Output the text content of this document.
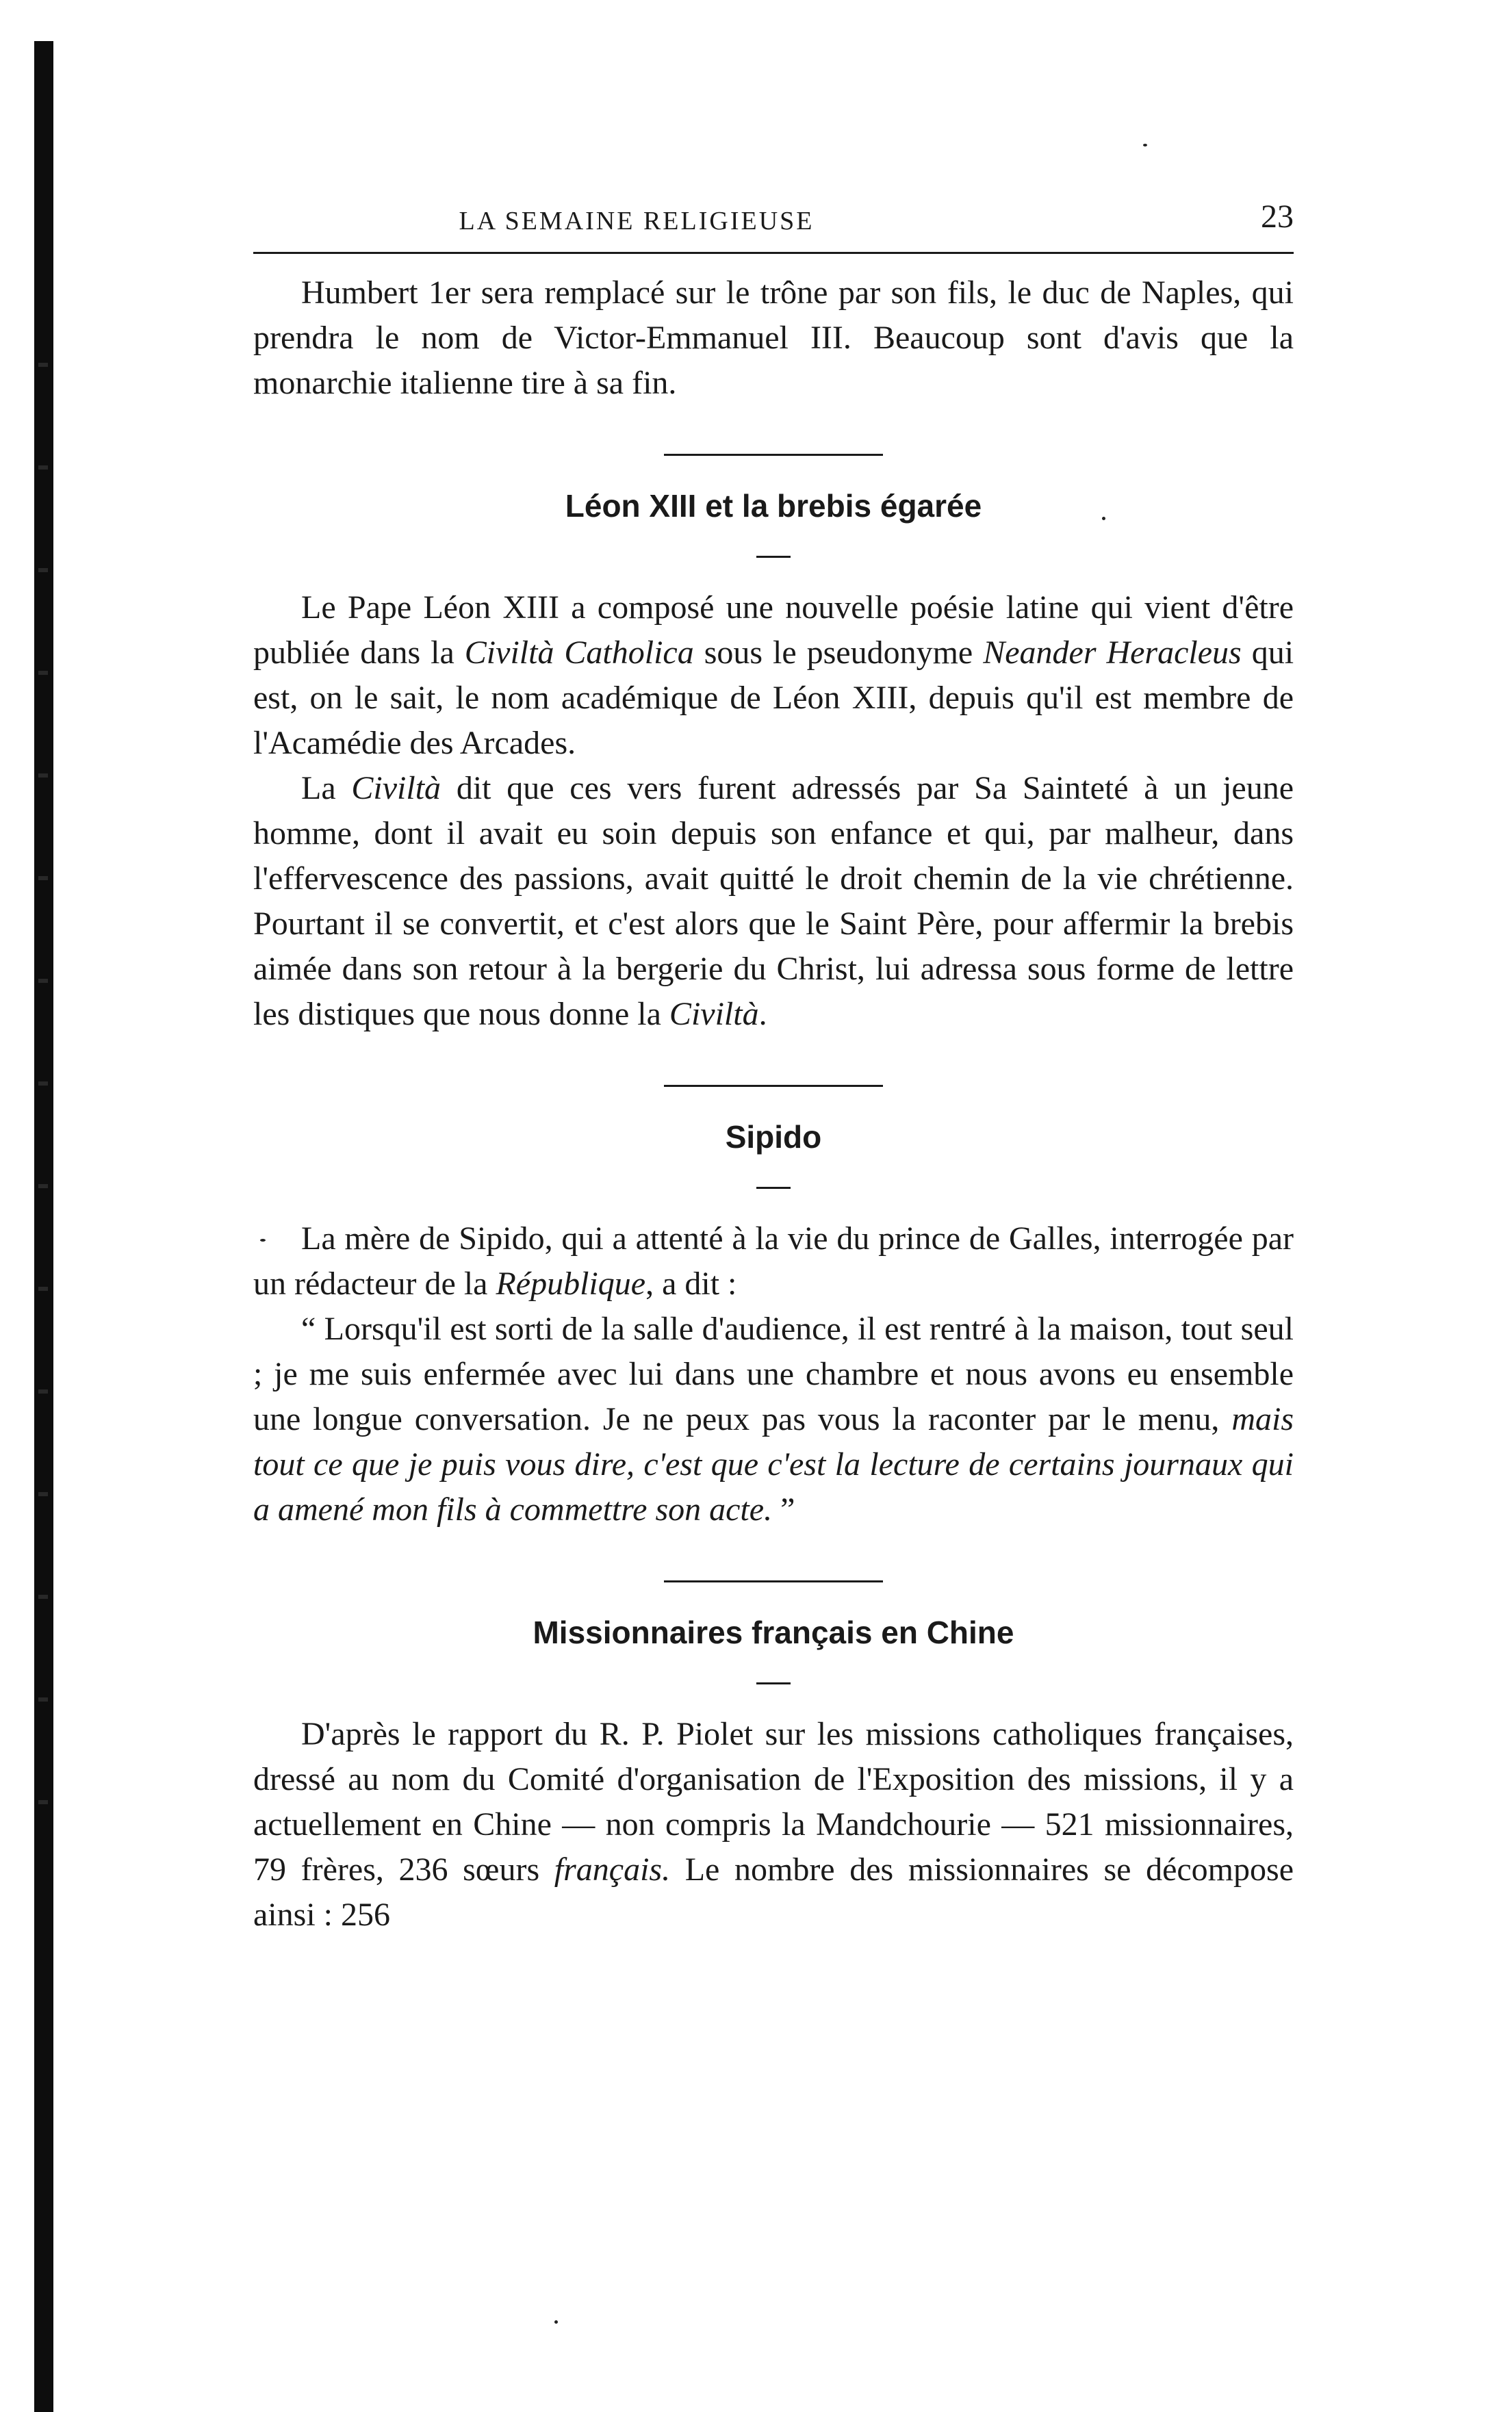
LA SEMAINE RELIGIEUSE	23

Humbert 1er sera remplacé sur le trône par son fils, le duc de Naples, qui prendra le nom de Victor-Emmanuel III. Beaucoup sont d'avis que la monarchie italienne tire à sa fin.

Léon XIII et la brebis égarée

Le Pape Léon XIII a composé une nouvelle poésie latine qui vient d'être publiée dans la Civiltà Catholica sous le pseudonyme Neander Heracleus qui est, on le sait, le nom académique de Léon XIII, depuis qu'il est membre de l'Acamédie des Arcades.

La Civiltà dit que ces vers furent adressés par Sa Sainteté à un jeune homme, dont il avait eu soin depuis son enfance et qui, par malheur, dans l'effervescence des passions, avait quitté le droit chemin de la vie chrétienne. Pourtant il se convertit, et c'est alors que le Saint Père, pour affermir la brebis aimée dans son retour à la bergerie du Christ, lui adressa sous forme de lettre les distiques que nous donne la Civiltà.

Sipido

La mère de Sipido, qui a attenté à la vie du prince de Galles, interrogée par un rédacteur de la République, a dit :

“ Lorsqu'il est sorti de la salle d'audience, il est rentré à la maison, tout seul ; je me suis enfermée avec lui dans une chambre et nous avons eu ensemble une longue conversation. Je ne peux pas vous la raconter par le menu, mais tout ce que je puis vous dire, c'est que c'est la lecture de certains journaux qui a amené mon fils à commettre son acte. ”

Missionnaires français en Chine

D'après le rapport du R. P. Piolet sur les missions catholiques françaises, dressé au nom du Comité d'organisation de l'Exposition des missions, il y a actuellement en Chine — non compris la Mandchourie — 521 missionnaires, 79 frères, 236 sœurs français. Le nombre des missionnaires se décompose ainsi : 256
